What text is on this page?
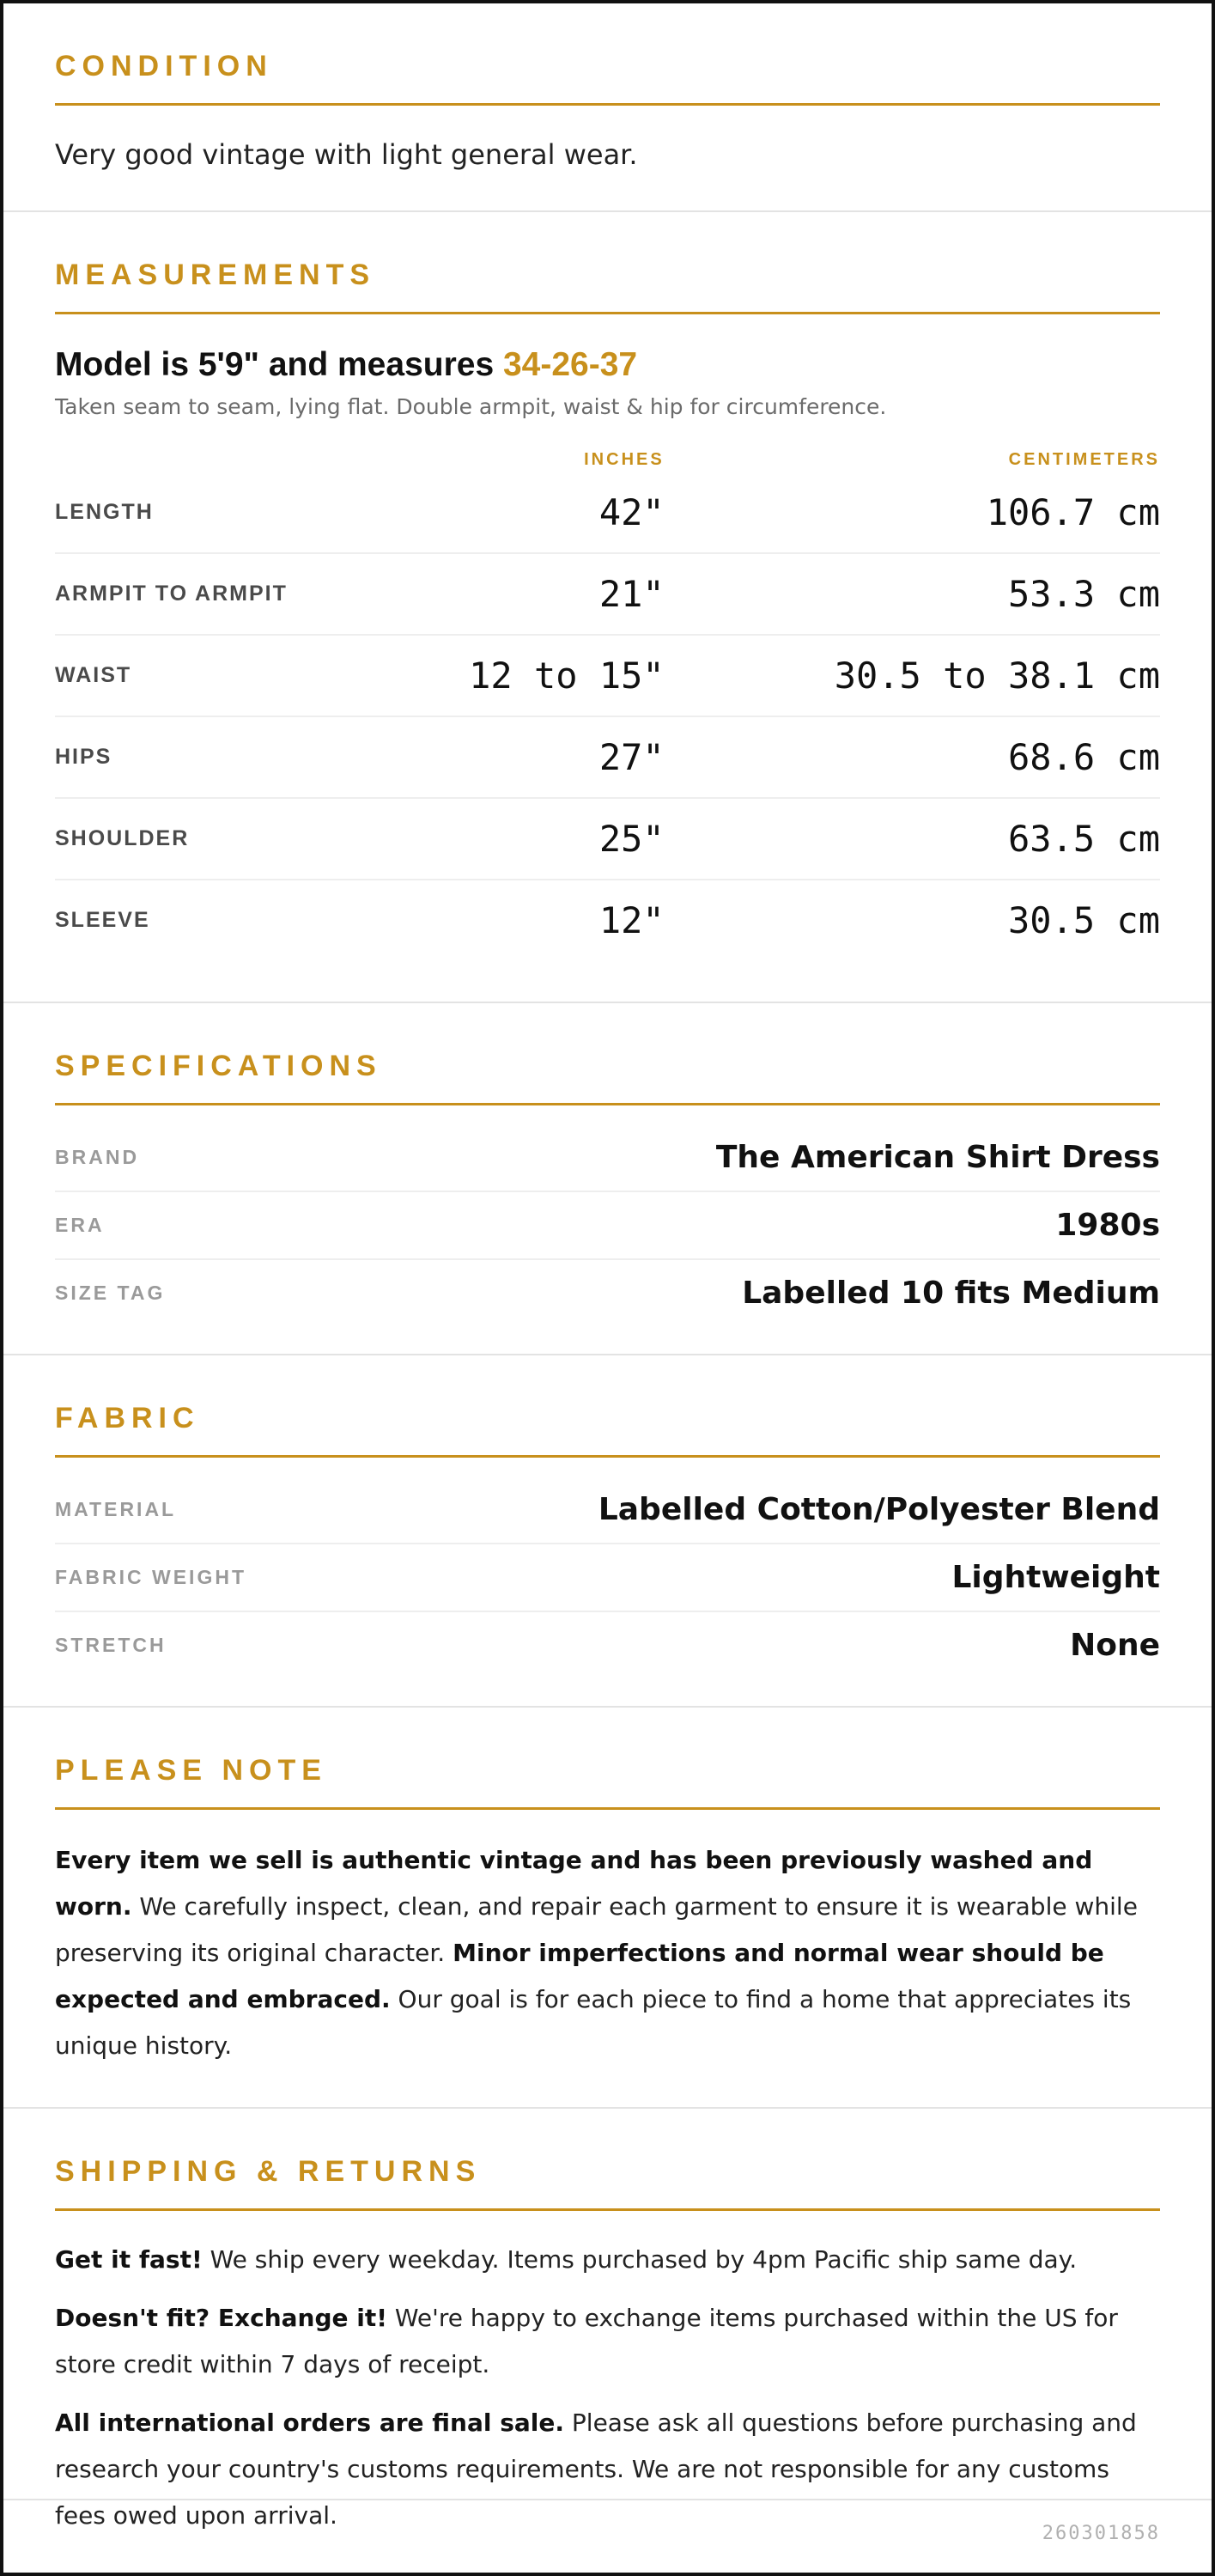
CONDITION
Very good vintage with light general wear.
MEASUREMENTS
Model is 5'9" and measures 34-26-37
Taken seam to seam, lying flat. Double armpit, waist & hip for circumference.
INCHES	CENTIMETERS
LENGTH	42"	106.7 cm
ARMPIT TO ARMPIT	21"	53.3 cm
WAIST	12 to 15"	30.5 to 38.1 cm
HIPS	27"	68.6 cm
SHOULDER	25"	63.5 cm
SLEEVE	12"	30.5 cm
SPECIFICATIONS
BRAND	The American Shirt Dress
ERA	1980s
SIZE TAG	Labelled 10 fits Medium
FABRIC
MATERIAL	Labelled Cotton/Polyester Blend
FABRIC WEIGHT	Lightweight
STRETCH	None
PLEASE NOTE
Every item we sell is authentic vintage and has been previously washed and worn. We carefully inspect, clean, and repair each garment to ensure it is wearable while preserving its original character. Minor imperfections and normal wear should be expected and embraced. Our goal is for each piece to find a home that appreciates its unique history.
SHIPPING & RETURNS
Get it fast! We ship every weekday. Items purchased by 4pm Pacific ship same day.
Doesn't fit? Exchange it! We're happy to exchange items purchased within the US for store credit within 7 days of receipt.
All international orders are final sale. Please ask all questions before purchasing and research your country's customs requirements. We are not responsible for any customs fees owed upon arrival.
260301858
